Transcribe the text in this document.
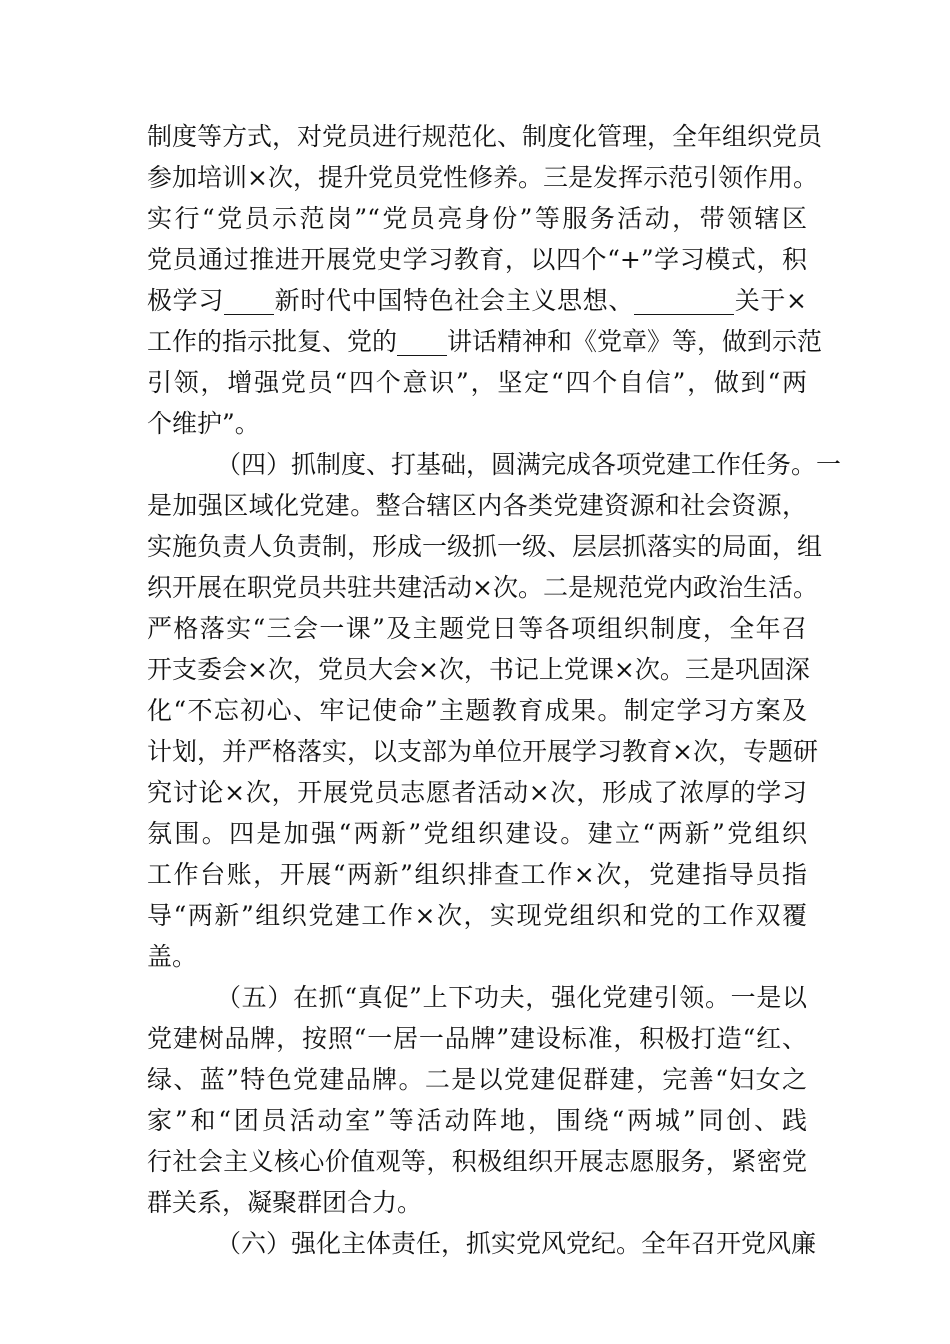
制度等方式，对党员进行规范化、制度化管理，全年组织党员
参加培训×次，提升党员党性修养。三是发挥示范引领作用。
实行“党员示范岗”“党员亮身份”等服务活动，带领辖区
党员通过推进开展党史学习教育，以四个“+”学习模式，积
极学习____新时代中国特色社会主义思想、________关于×
工作的指示批复、党的____讲话精神和《党章》等，做到示范
引领，增强党员“四个意识”，坚定“四个自信”，做到“两
个维护”。
（四）抓制度、打基础，圆满完成各项党建工作任务。一
是加强区域化党建。整合辖区内各类党建资源和社会资源，
实施负责人负责制，形成一级抓一级、层层抓落实的局面，组
织开展在职党员共驻共建活动×次。二是规范党内政治生活。
严格落实“三会一课”及主题党日等各项组织制度，全年召
开支委会×次，党员大会×次，书记上党课×次。三是巩固深
化“不忘初心、牢记使命”主题教育成果。制定学习方案及
计划，并严格落实，以支部为单位开展学习教育×次，专题研
究讨论×次，开展党员志愿者活动×次，形成了浓厚的学习
氛围。四是加强“两新”党组织建设。建立“两新”党组织
工作台账，开展“两新”组织排查工作×次，党建指导员指
导“两新”组织党建工作×次，实现党组织和党的工作双覆
盖。
（五）在抓“真促”上下功夫，强化党建引领。一是以
党建树品牌，按照“一居一品牌”建设标准，积极打造“红、
绿、蓝”特色党建品牌。二是以党建促群建，完善“妇女之
家”和“团员活动室”等活动阵地，围绕“两城”同创、践
行社会主义核心价值观等，积极组织开展志愿服务，紧密党
群关系，凝聚群团合力。
（六）强化主体责任，抓实党风党纪。全年召开党风廉
